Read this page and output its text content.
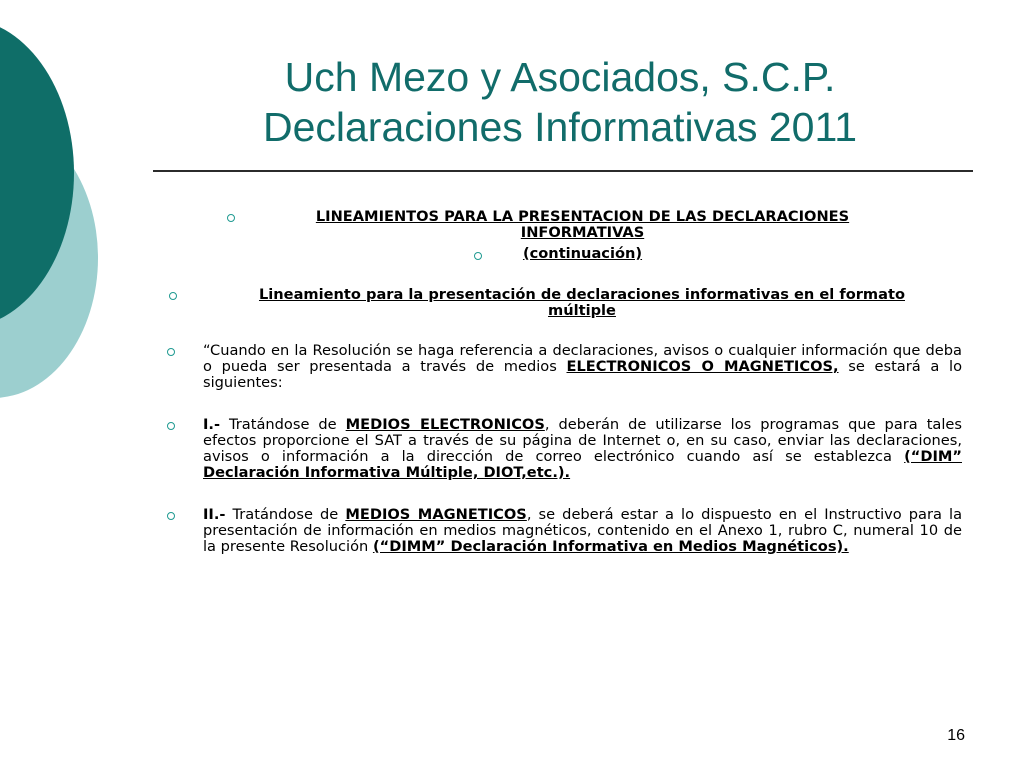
Uch Mezo y Asociados, S.C.P.
Declaraciones Informativas 2011
LINEAMIENTOS PARA LA PRESENTACION DE LAS DECLARACIONES
INFORMATIVAS
(continuación)
Lineamiento para la presentación de declaraciones informativas en el formato
múltiple
“Cuando en la Resolución se haga referencia a declaraciones, avisos o cualquier información que deba o pueda ser presentada a través de medios ELECTRONICOS O MAGNETICOS, se estará a lo siguientes:
I.- Tratándose de MEDIOS ELECTRONICOS, deberán de utilizarse los programas que para tales efectos proporcione el SAT a través de su página de Internet o, en su caso, enviar las declaraciones, avisos o información a la dirección de correo electrónico cuando así se establezca (“DIM” Declaración Informativa Múltiple, DIOT,etc.).
II.- Tratándose de MEDIOS MAGNETICOS, se deberá estar a lo dispuesto en el Instructivo para la presentación de información en medios magnéticos, contenido en el Anexo 1, rubro C, numeral 10 de la presente Resolución (“DIMM” Declaración Informativa en Medios Magnéticos).
16
